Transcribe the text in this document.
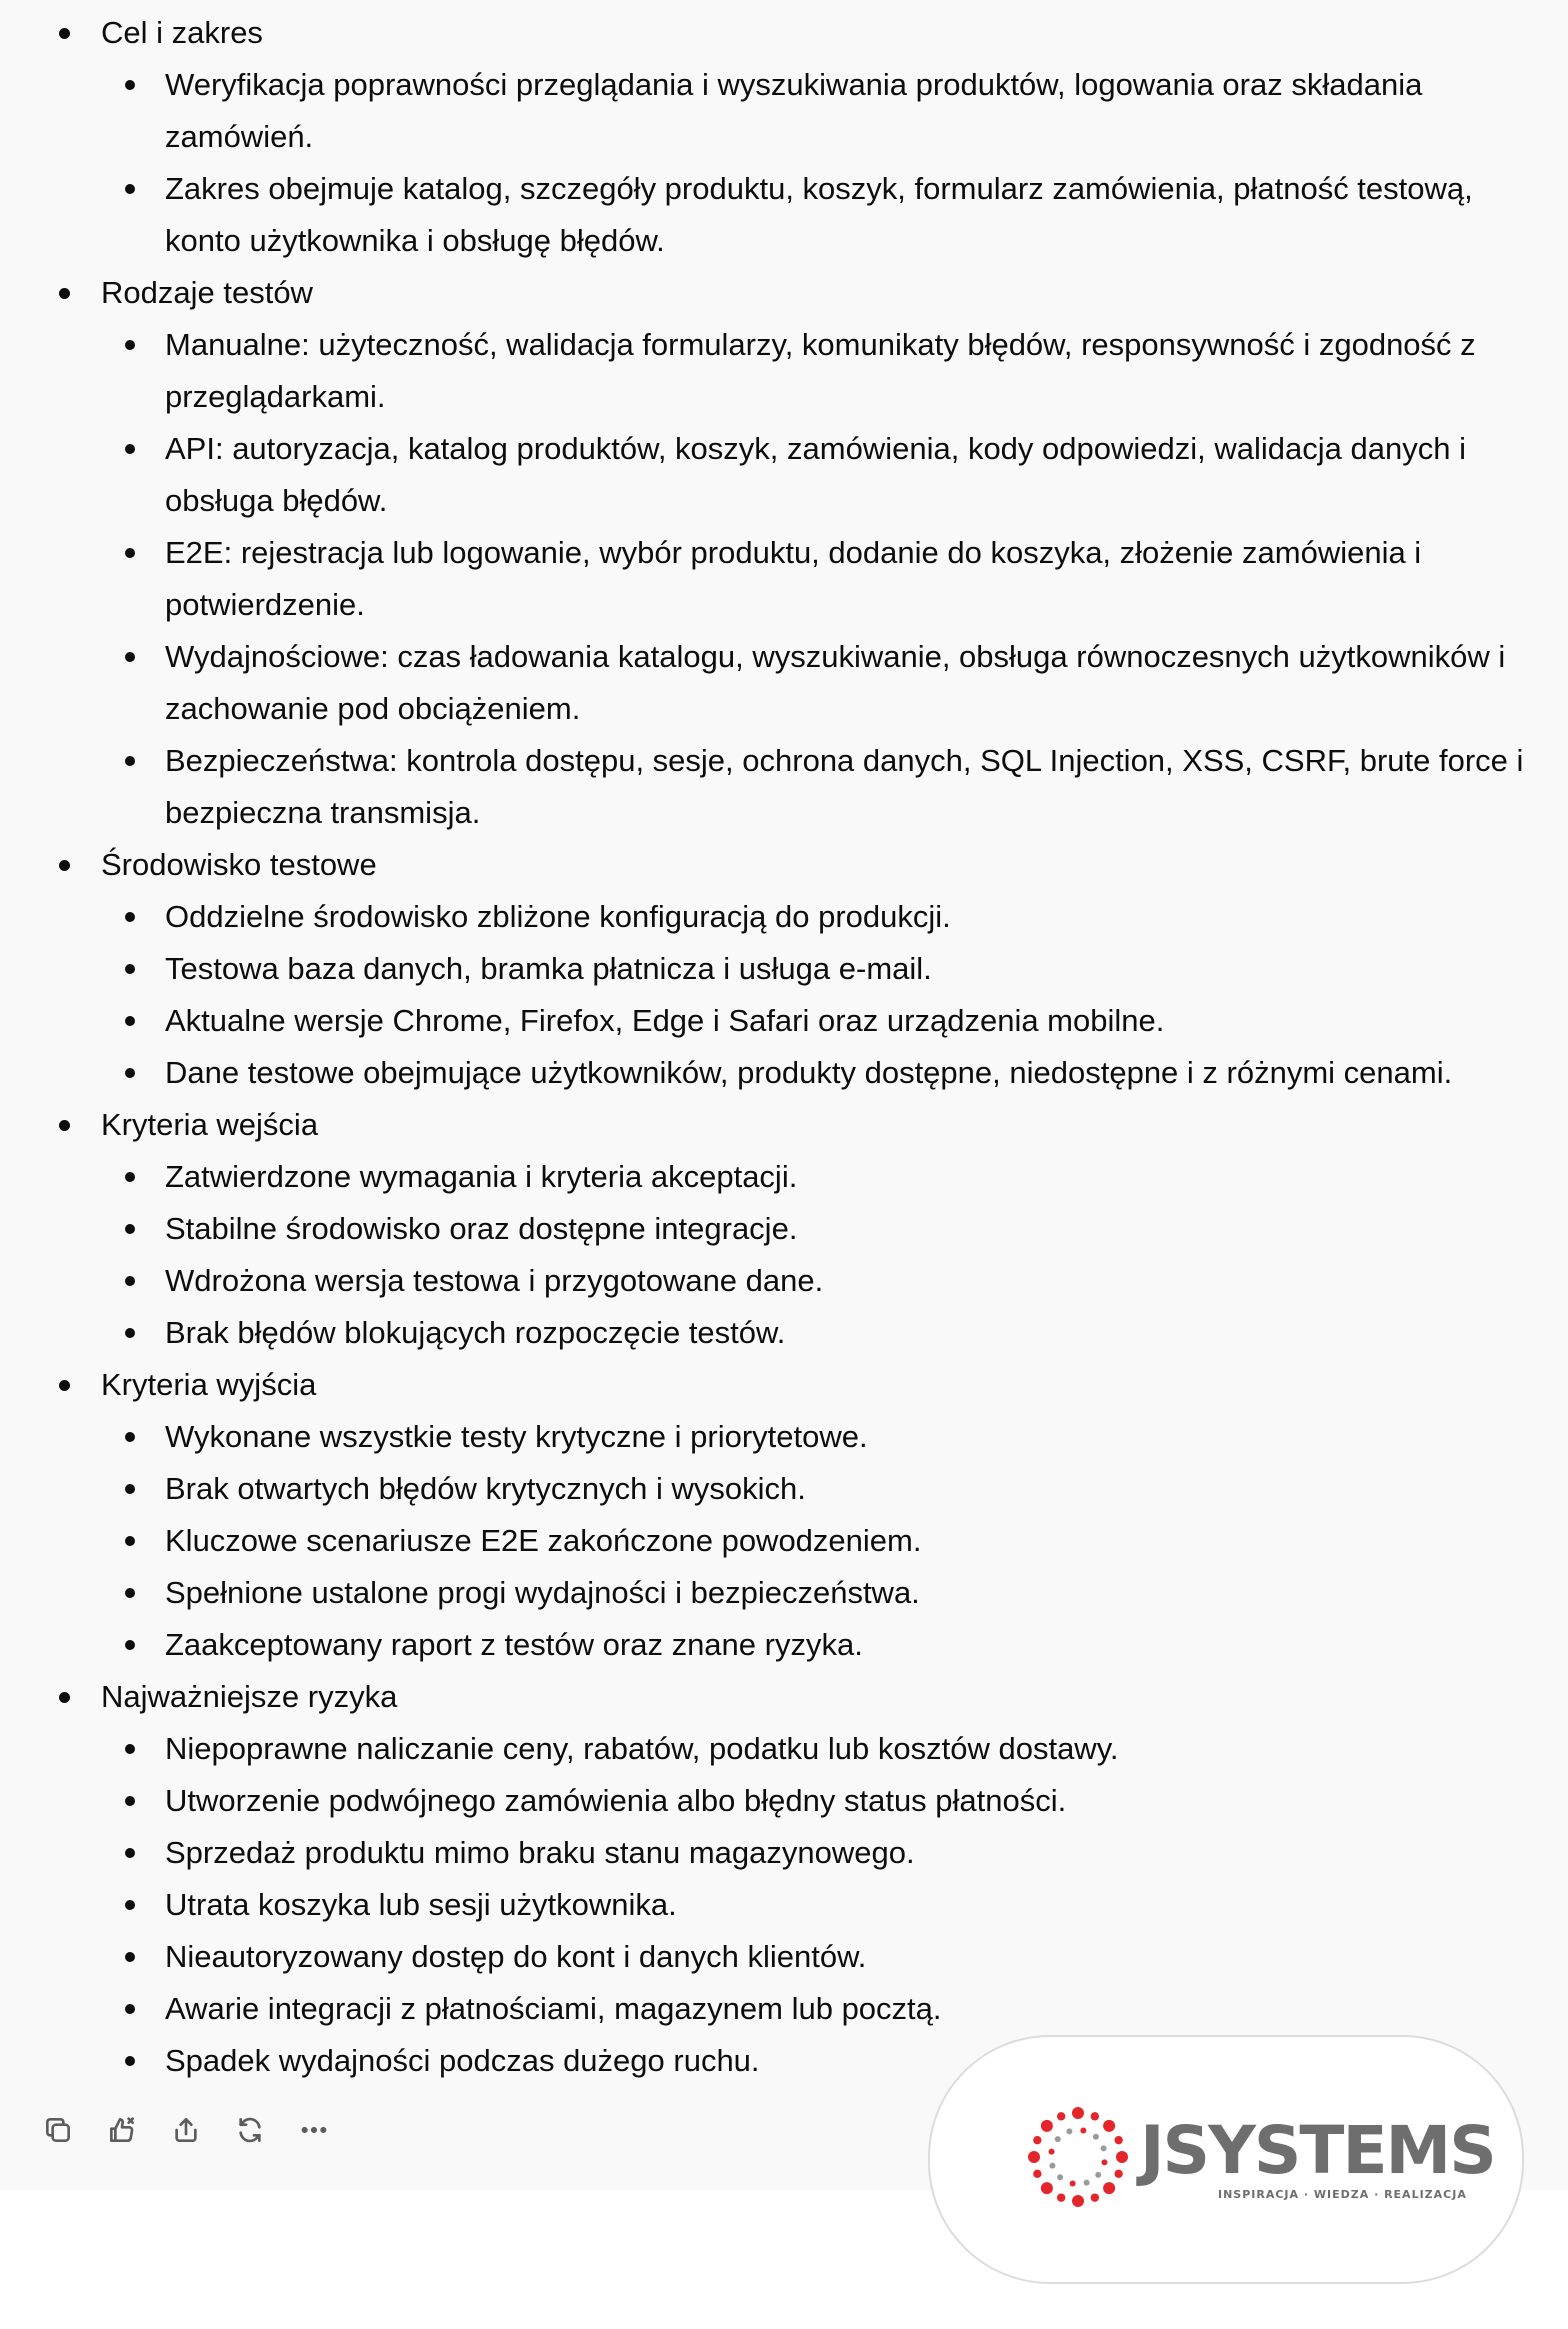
Cel i zakres
Weryfikacja poprawności przeglądania i wyszukiwania produktów, logowania oraz składania
zamówień.
Zakres obejmuje katalog, szczegóły produktu, koszyk, formularz zamówienia, płatność testową,
konto użytkownika i obsługę błędów.
Rodzaje testów
Manualne: użyteczność, walidacja formularzy, komunikaty błędów, responsywność i zgodność z
przeglądarkami.
API: autoryzacja, katalog produktów, koszyk, zamówienia, kody odpowiedzi, walidacja danych i
obsługa błędów.
E2E: rejestracja lub logowanie, wybór produktu, dodanie do koszyka, złożenie zamówienia i
potwierdzenie.
Wydajnościowe: czas ładowania katalogu, wyszukiwanie, obsługa równoczesnych użytkowników i
zachowanie pod obciążeniem.
Bezpieczeństwa: kontrola dostępu, sesje, ochrona danych, SQL Injection, XSS, CSRF, brute force i
bezpieczna transmisja.
Środowisko testowe
Oddzielne środowisko zbliżone konfiguracją do produkcji.
Testowa baza danych, bramka płatnicza i usługa e-mail.
Aktualne wersje Chrome, Firefox, Edge i Safari oraz urządzenia mobilne.
Dane testowe obejmujące użytkowników, produkty dostępne, niedostępne i z różnymi cenami.
Kryteria wejścia
Zatwierdzone wymagania i kryteria akceptacji.
Stabilne środowisko oraz dostępne integracje.
Wdrożona wersja testowa i przygotowane dane.
Brak błędów blokujących rozpoczęcie testów.
Kryteria wyjścia
Wykonane wszystkie testy krytyczne i priorytetowe.
Brak otwartych błędów krytycznych i wysokich.
Kluczowe scenariusze E2E zakończone powodzeniem.
Spełnione ustalone progi wydajności i bezpieczeństwa.
Zaakceptowany raport z testów oraz znane ryzyka.
Najważniejsze ryzyka
Niepoprawne naliczanie ceny, rabatów, podatku lub kosztów dostawy.
Utworzenie podwójnego zamówienia albo błędny status płatności.
Sprzedaż produktu mimo braku stanu magazynowego.
Utrata koszyka lub sesji użytkownika.
Nieautoryzowany dostęp do kont i danych klientów.
Awarie integracji z płatnościami, magazynem lub pocztą.
Spadek wydajności podczas dużego ruchu.
JSYSTEMS
INSPIRACJA · WIEDZA · REALIZACJA
